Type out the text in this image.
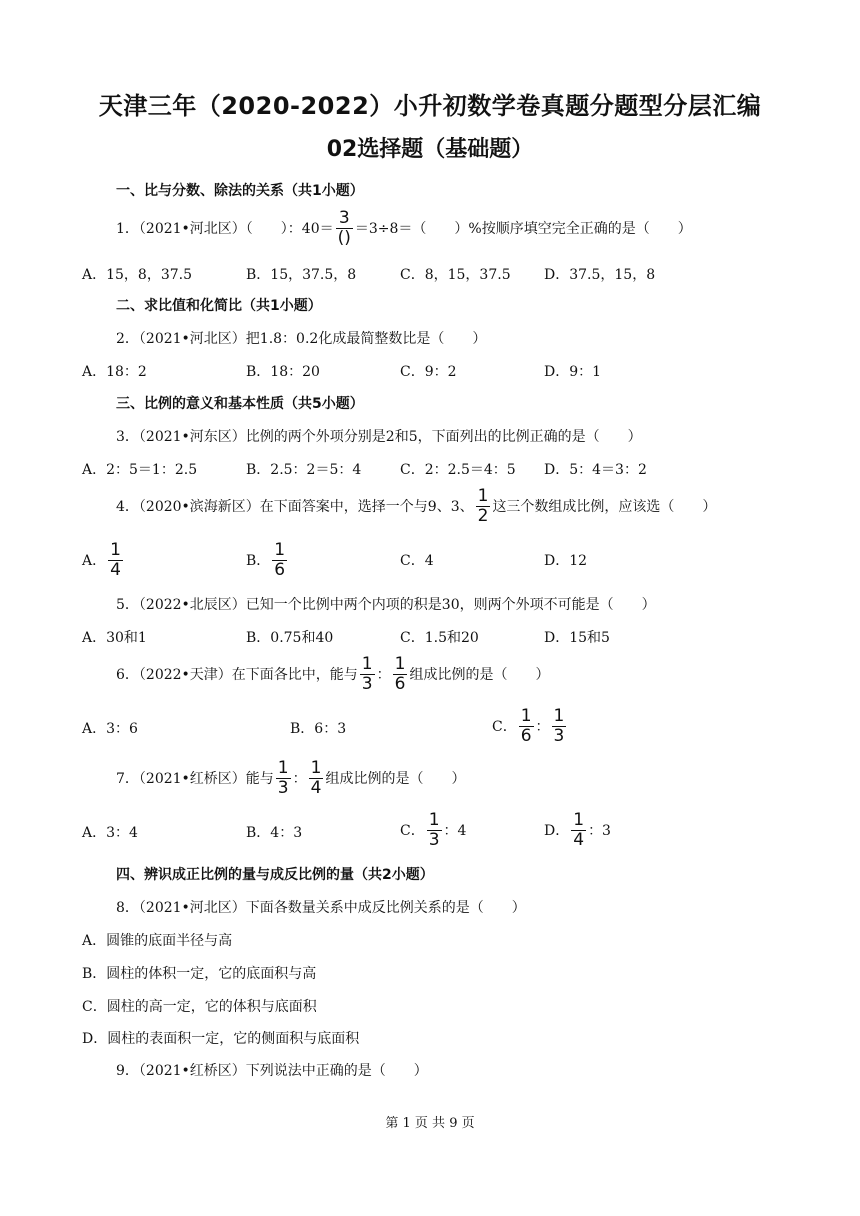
天津三年（2020-2022）小升初数学卷真题分题型分层汇编
02选择题（基础题）
一、比与分数、除法的关系（共1小题）
1．（2021•河北区）（　　）：$40= \frac{3}{()} =3\div 8=$（　　）%按顺序填空完全正确的是（　　）
A．15，8，37.5	B．15，37.5，8	C．8，15，37.5 D．37.5，15，8
二、求比值和化简比（共1小题）
2．（2021•河北区）把1.8：0.2化成最简整数比是（　　）
A．18：2	B．18：20	C．9：2	D．9：1
三、比例的意义和基本性质（共5小题）
3．（2021•河东区）比例的两个外项分别是2和5，下面列出的比例正确的是（　　）
A．2：5＝1：2.5	B．2.5：2＝5：4	C．2：2.5＝4：5 D．5：4＝3：2
4．（2020•滨海新区）在下面答案中，选择一个与9、3、 $\frac{1}{2}$ 这三个数组成比例，应该选（　　）
A． $\frac{1}{4}$	B． $\frac{1}{6}$	C．4	D．12
5．（2022•北辰区）已知一个比例中两个内项的积是30，则两个外项不可能是（　　）
A．30和1	B．0.75和40	C．1.5和20	D．15和5
6．（2022•天津）在下面各比中，能与 $\frac{1}{3}$ ： $\frac{1}{6}$ 组成比例的是（　　）
A．3：6	B．6：3	C． $\frac{1}{6}$ ： $\frac{1}{3}$
7．（2021•红桥区）能与 $\frac{1}{3}$ ： $\frac{1}{4}$ 组成比例的是（　　）
A．3：4	B．4：3	C． $\frac{1}{3}$ ：4	D． $\frac{1}{4}$ ：3
四、辨识成正比例的量与成反比例的量（共2小题）
8．（2021•河北区）下面各数量关系中成反比例关系的是（　　）
A．圆锥的底面半径与高
B．圆柱的体积一定，它的底面积与高
C．圆柱的高一定，它的体积与底面积
D．圆柱的表面积一定，它的侧面积与底面积
9．（2021•红桥区）下列说法中正确的是（　　）
第 1 页 共 9 页
